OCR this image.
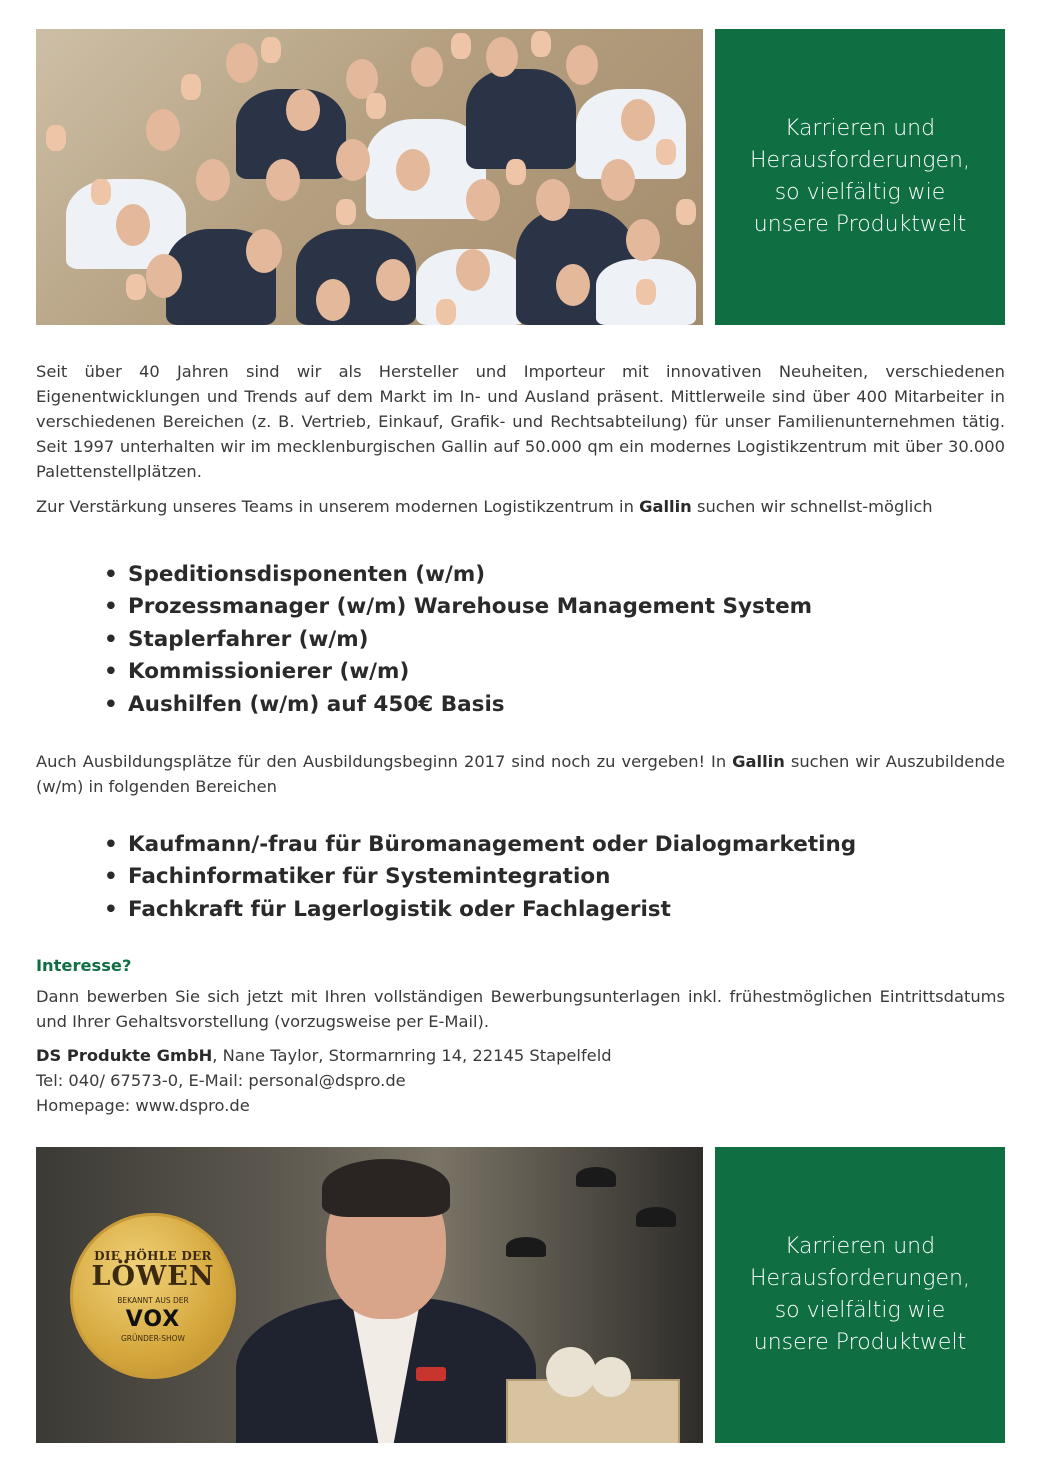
Karrieren und
Herausforderungen,
so vielfältig wie
unsere Produktwelt
Seit über 40 Jahren sind wir als Hersteller und Importeur mit innovativen Neuheiten, verschiedenen Eigenentwicklungen und Trends auf dem Markt im In- und Ausland präsent. Mittlerweile sind über 400 Mitarbeiter in verschiedenen Bereichen (z. B. Vertrieb, Einkauf, Grafik- und Rechtsabteilung) für unser Familienunternehmen tätig. Seit 1997 unterhalten wir im mecklenburgischen Gallin auf 50.000 qm ein modernes Logistikzentrum mit über 30.000 Palettenstellplätzen.
Zur Verstärkung unseres Teams in unserem modernen Logistikzentrum in Gallin suchen wir schnellst-möglich
• Speditionsdisponenten (w/m)
• Prozessmanager (w/m) Warehouse Management System
• Staplerfahrer (w/m)
• Kommissionierer (w/m)
• Aushilfen (w/m) auf 450€ Basis
Auch Ausbildungsplätze für den Ausbildungsbeginn 2017 sind noch zu vergeben! In Gallin suchen wir Auszubildende (w/m) in folgenden Bereichen
• Kaufmann/-frau für Büromanagement oder Dialogmarketing
• Fachinformatiker für Systemintegration
• Fachkraft für Lagerlogistik oder Fachlagerist
Interesse?
Dann bewerben Sie sich jetzt mit Ihren vollständigen Bewerbungsunterlagen inkl. frühestmöglichen Eintrittsdatums und Ihrer Gehaltsvorstellung (vorzugsweise per E-Mail).
DS Produkte GmbH, Nane Taylor, Stormarnring 14, 22145 Stapelfeld
Tel: 040/ 67573-0, E-Mail: personal@dspro.de
Homepage: www.dspro.de
DIE HÖHLE DER
LÖWEN
BEKANNT AUS DER
VOX
GRÜNDER-SHOW
Karrieren und
Herausforderungen,
so vielfältig wie
unsere Produktwelt
